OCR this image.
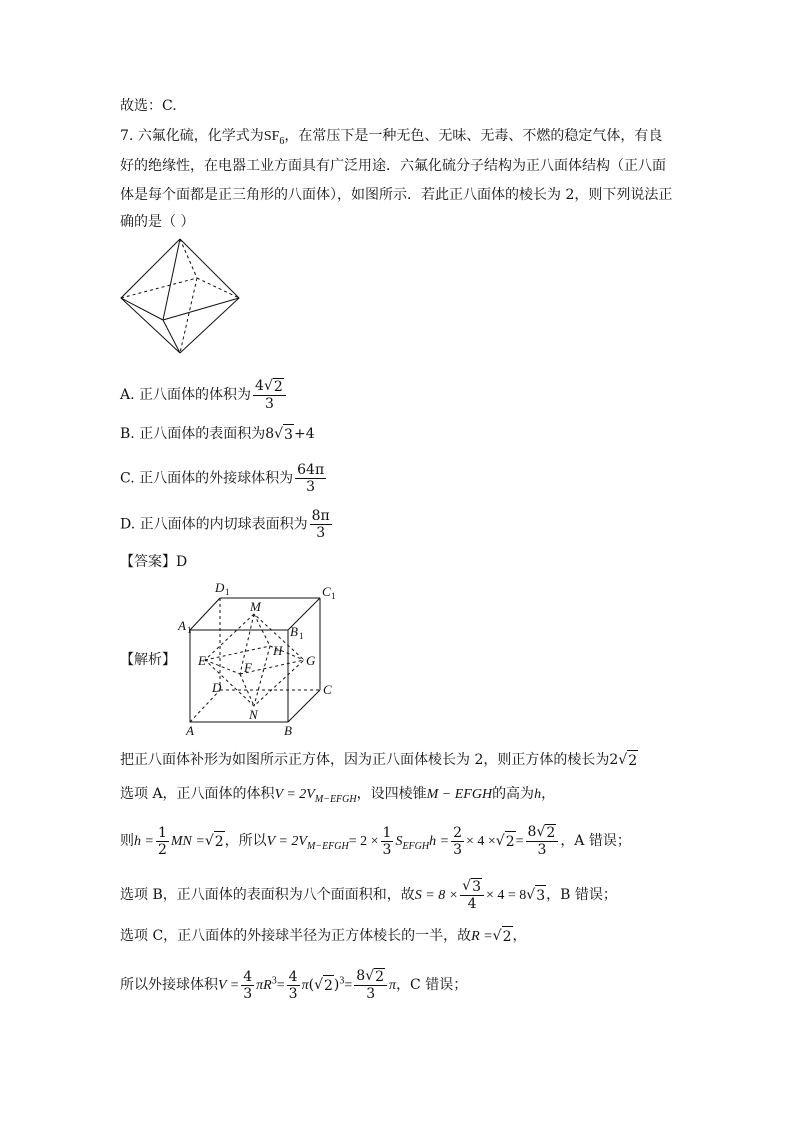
故选：C.
7. 六氟化硫，化学式为$SF_6$，在常压下是一种无色、无味、无毒、不燃的稳定气体，有良
好的绝缘性，在电器工业方面具有广泛用途．六氟化硫分子结构为正八面体结构（正八面
体是每个面都是正三角形的八面体），如图所示．若此正八面体的棱长为 2，则下列说法正
确的是（ ）
A. 正八面体的体积为 $\frac{4 √ 2}{3}$
B. 正八面体的表面积为8 √ 3 +4
C. 正八面体的外接球体积为 $\frac{64\pi}{3}$
D. 正八面体的内切球表面积为 $\frac{8\pi}{3}$
【答案】D
【解析】
D 1	C 1
A 1	B 1
M
H
E	F	G
D	C
N
A	B
把正八面体补形为如图所示正方体，因为正八面体棱长为 2，则正方体的棱长为2 √ 2
选项 A，正八面体的体积$V = 2V_{M-EFGH}$，设四棱锥M − EFGH的高为h，
则$h = \frac{1}{2}$ MN = √ 2 ，所以$V = 2V_{M-EFGH}= 2 \times \frac{1}{3} S_{EFGH}h = \frac{2}{3} \times 4$ × √ $2 = \frac{8 √ 2}{3}$ ，A 错误；
选项 B，正八面体的表面积为八个面面积和，故$S = 8 \times \frac{√ 3}{4} \times 4 = 8$ √ 3 ，B 错误；
选项 C，正八面体的外接球半径为正方体棱长的一半，故R = √ 2 ，
所以外接球体积$V = \frac{4}{3} \pi R^3= \frac{4}{3} \pi$( √ 2 )$^3= \frac{8 √ 2}{3}$ π，C 错误；
